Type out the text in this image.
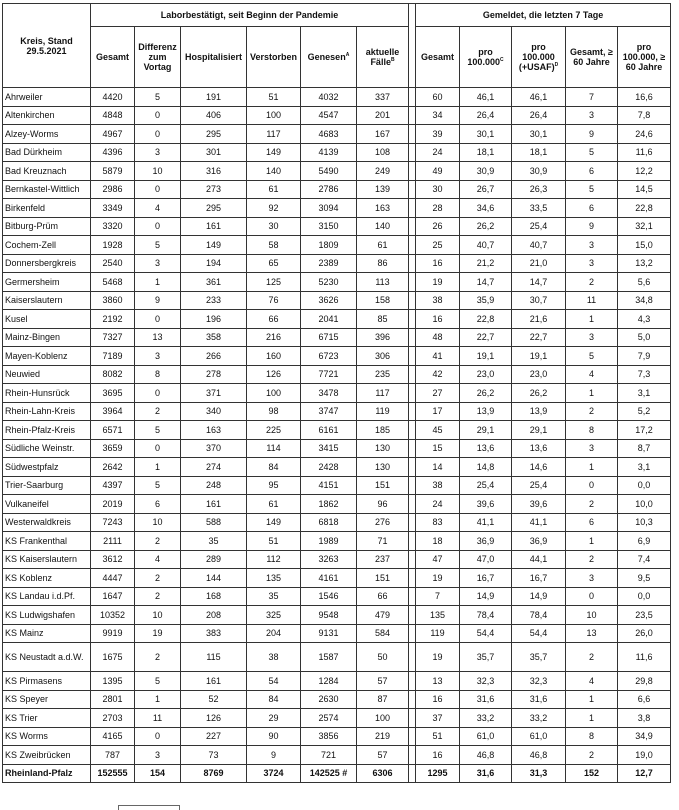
Kreis, Stand 29.5.2021	Laborbestätigt, seit Beginn der Pandemie							Gemeldet, die letzten 7 Tage				
	Gesamt	Differenz zum Vortag	Hospitalisiert	Verstorben	Genesen$^A$	aktuelle Fälle$^B$		Gesamt	pro $100.000^C$	pro 100.000 (+USAF)$^D$	Gesamt, ≥ 60 Jahre	pro 100.000, ≥ 60 Jahre
Ahrweiler	4420	5	191	51	4032	337		60	46,1	46,1	7	16,6
Altenkirchen	4848	0	406	100	4547	201		34	26,4	26,4	3	7,8
Alzey-Worms	4967	0	295	117	4683	167		39	30,1	30,1	9	24,6
Bad Dürkheim	4396	3	301	149	4139	108		24	18,1	18,1	5	11,6
Bad Kreuznach	5879	10	316	140	5490	249		49	30,9	30,9	6	12,2
Bernkastel-Wittlich	2986	0	273	61	2786	139		30	26,7	26,3	5	14,5
Birkenfeld	3349	4	295	92	3094	163		28	34,6	33,5	6	22,8
Bitburg-Prüm	3320	0	161	30	3150	140		26	26,2	25,4	9	32,1
Cochem-Zell	1928	5	149	58	1809	61		25	40,7	40,7	3	15,0
Donnersbergkreis	2540	3	194	65	2389	86		16	21,2	21,0	3	13,2
Germersheim	5468	1	361	125	5230	113		19	14,7	14,7	2	5,6
Kaiserslautern	3860	9	233	76	3626	158		38	35,9	30,7	11	34,8
Kusel	2192	0	196	66	2041	85		16	22,8	21,6	1	4,3
Mainz-Bingen	7327	13	358	216	6715	396		48	22,7	22,7	3	5,0
Mayen-Koblenz	7189	3	266	160	6723	306		41	19,1	19,1	5	7,9
Neuwied	8082	8	278	126	7721	235		42	23,0	23,0	4	7,3
Rhein-Hunsrück	3695	0	371	100	3478	117		27	26,2	26,2	1	3,1
Rhein-Lahn-Kreis	3964	2	340	98	3747	119		17	13,9	13,9	2	5,2
Rhein-Pfalz-Kreis	6571	5	163	225	6161	185		45	29,1	29,1	8	17,2
Südliche Weinstr.	3659	0	370	114	3415	130		15	13,6	13,6	3	8,7
Südwestpfalz	2642	1	274	84	2428	130		14	14,8	14,6	1	3,1
Trier-Saarburg	4397	5	248	95	4151	151		38	25,4	25,4	0	0,0
Vulkaneifel	2019	6	161	61	1862	96		24	39,6	39,6	2	10,0
Westerwaldkreis	7243	10	588	149	6818	276		83	41,1	41,1	6	10,3
KS Frankenthal	2111	2	35	51	1989	71		18	36,9	36,9	1	6,9
KS Kaiserslautern	3612	4	289	112	3263	237		47	47,0	44,1	2	7,4
KS Koblenz	4447	2	144	135	4161	151		19	16,7	16,7	3	9,5
KS Landau i.d.Pf.	1647	2	168	35	1546	66		7	14,9	14,9	0	0,0
KS Ludwigshafen	10352	10	208	325	9548	479		135	78,4	78,4	10	23,5
KS Mainz	9919	19	383	204	9131	584		119	54,4	54,4	13	26,0
KS Neustadt a.d.W.	1675	2	115	38	1587	50		19	35,7	35,7	2	11,6
KS Pirmasens	1395	5	161	54	1284	57		13	32,3	32,3	4	29,8
KS Speyer	2801	1	52	84	2630	87		16	31,6	31,6	1	6,6
KS Trier	2703	11	126	29	2574	100		37	33,2	33,2	1	3,8
KS Worms	4165	0	227	90	3856	219		51	61,0	61,0	8	34,9
KS Zweibrücken	787	3	73	9	721	57		16	46,8	46,8	2	19,0
Rheinland-Pfalz	152555	154	8769	3724	142525 #	6306		1295	31,6	31,3	152	12,7
